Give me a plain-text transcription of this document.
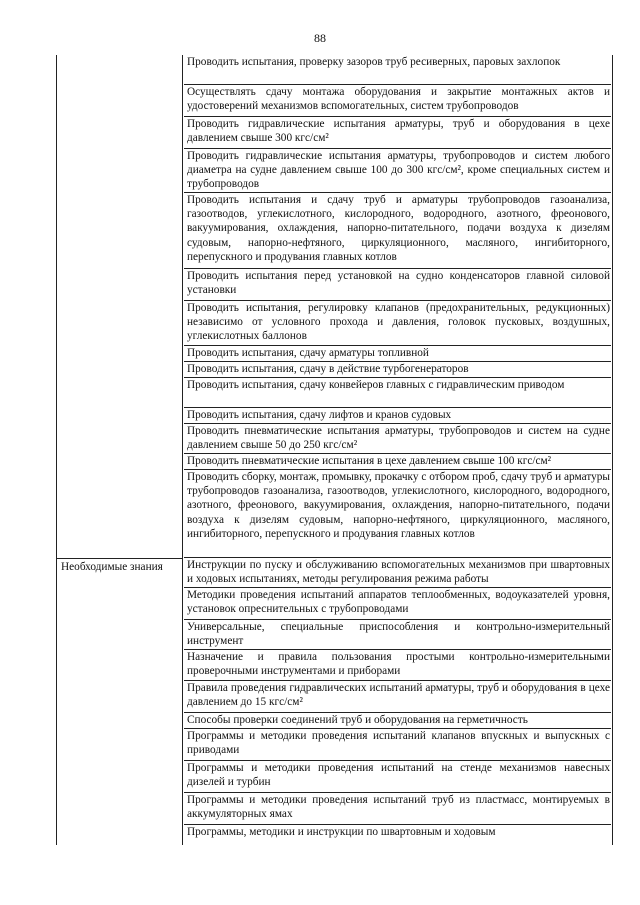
88
Проводить испытания, проверку зазоров труб ресиверных, паровых захлопок
Осуществлять сдачу монтажа оборудования и закрытие монтажных актов и удостоверений механизмов вспомогательных, систем трубопроводов
Проводить гидравлические испытания арматуры, труб и оборудования в цехе давлением свыше 300 кгс/см²
Проводить гидравлические испытания арматуры, трубопроводов и систем любого диаметра на судне давлением свыше 100 до 300 кгс/см², кроме специальных систем и трубопроводов
Проводить испытания и сдачу труб и арматуры трубопроводов газоанализа, газоотводов, углекислотного, кислородного, водородного, азотного, фреонового, вакуумирования, охлаждения, напорно-питательного, подачи воздуха к дизелям судовым, напорно-нефтяного, циркуляционного, масляного, ингибиторного, перепускного и продувания главных котлов
Проводить испытания перед установкой на судно конденсаторов главной силовой установки
Проводить испытания, регулировку клапанов (предохранительных, редукционных) независимо от условного прохода и давления, головок пусковых, воздушных, углекислотных баллонов
Проводить испытания, сдачу арматуры топливной
Проводить испытания, сдачу в действие турбогенераторов
Проводить испытания, сдачу конвейеров главных с гидравлическим приводом
Проводить испытания, сдачу лифтов и кранов судовых
Проводить пневматические испытания арматуры, трубопроводов и систем на судне давлением свыше 50 до 250 кгс/см²
Проводить пневматические испытания в цехе давлением свыше 100 кгс/см²
Проводить сборку, монтаж, промывку, прокачку с отбором проб, сдачу труб и арматуры трубопроводов газоанализа, газоотводов, углекислотного, кислородного, водородного, азотного, фреонового, вакуумирования, охлаждения, напорно-питательного, подачи воздуха к дизелям судовым, напорно-нефтяного, циркуляционного, масляного, ингибиторного, перепускного и продувания главных котлов
Необходимые знания	Инструкции по пуску и обслуживанию вспомогательных механизмов при швартовных и ходовых испытаниях, методы регулирования режима работы
Методики проведения испытаний аппаратов теплообменных, водоуказателей уровня, установок опреснительных с трубопроводами
Универсальные, специальные приспособления и контрольно-измерительный инструмент
Назначение и правила пользования простыми контрольно-измерительными проверочными инструментами и приборами
Правила проведения гидравлических испытаний арматуры, труб и оборудования в цехе давлением до 15 кгс/см²
Способы проверки соединений труб и оборудования на герметичность
Программы и методики проведения испытаний клапанов впускных и выпускных с приводами
Программы и методики проведения испытаний на стенде механизмов навесных дизелей и турбин
Программы и методики проведения испытаний труб из пластмасс, монтируемых в аккумуляторных ямах
Программы, методики и инструкции по швартовным и ходовым
